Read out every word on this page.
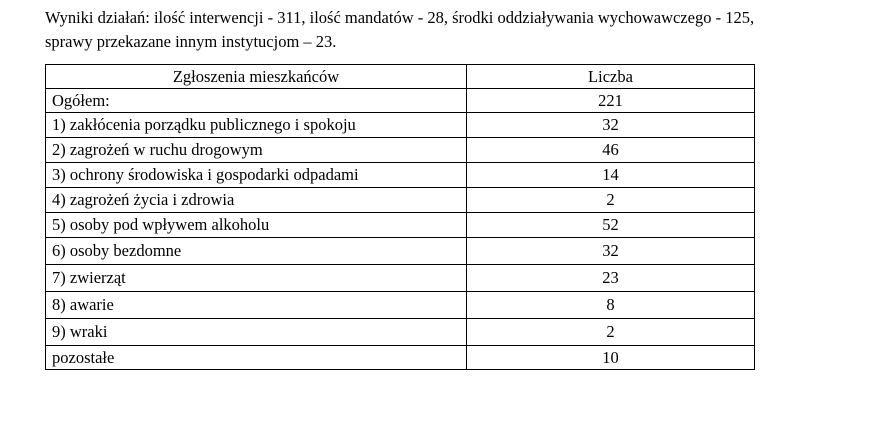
Wyniki działań: ilość interwencji - 311, ilość mandatów - 28, środki oddziaływania wychowawczego - 125,
sprawy przekazane innym instytucjom – 23.

Zgłoszenia mieszkańców	Liczba
Ogółem:	221
1) zakłócenia porządku publicznego i spokoju	32
2) zagrożeń w ruchu drogowym	46
3) ochrony środowiska i gospodarki odpadami	14
4) zagrożeń życia i zdrowia	2
5) osoby pod wpływem alkoholu	52
6) osoby bezdomne	32
7) zwierząt	23
8) awarie	8
9) wraki	2
pozostałe	10
